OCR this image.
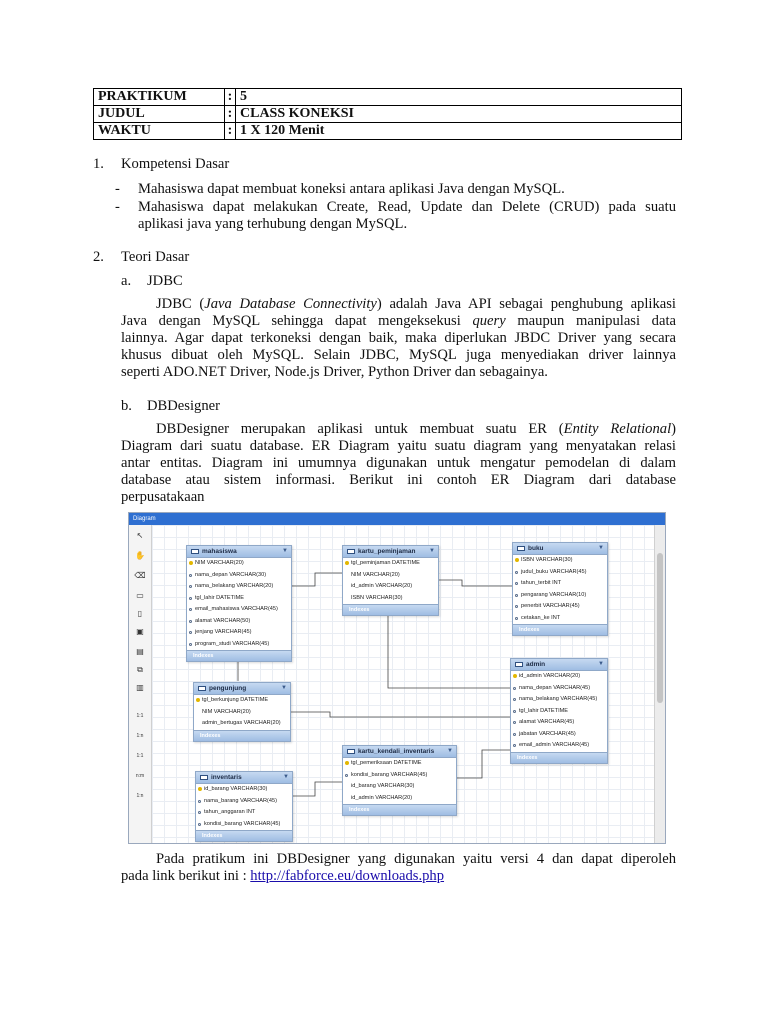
PRAKTIKUM	:	5
JUDUL	:	CLASS KONEKSI
WAKTU	:	1 X 120 Menit
1. Kompetensi Dasar
- Mahasiswa dapat membuat koneksi antara aplikasi Java dengan MySQL.
- Mahasiswa dapat melakukan Create, Read, Update dan Delete (CRUD) pada suatu
aplikasi java yang terhubung dengan MySQL.
2. Teori Dasar
a. JDBC
JDBC (Java Database Connectivity) adalah Java API sebagai penghubung aplikasi
Java dengan MySQL sehingga dapat mengeksekusi query maupun manipulasi data
lainnya. Agar dapat terkoneksi dengan baik, maka diperlukan JBDC Driver yang secara
khusus dibuat oleh MySQL. Selain JDBC, MySQL juga menyediakan driver lainnya
seperti ADO.NET Driver, Node.js Driver, Python Driver dan sebagainya.
b. DBDesigner
DBDesigner merupakan aplikasi untuk membuat suatu ER (Entity Relational)
Diagram dari suatu database. ER Diagram yaitu suatu diagram yang menyatakan relasi
antar entitas. Diagram ini umumnya digunakan untuk mengatur pemodelan di dalam
database atau sistem informasi. Berikut ini contoh ER Diagram dari database
perpusatakaan
Diagram
↖
✋
⌫
▭
▯
▣
▤
⧉
▥
1:1
1:n
1:1
n:m
1:n
mahasiswa	▼
NIM VARCHAR(20)
nama_depan VARCHAR(30)
nama_belakang VARCHAR(20)
tgl_lahir DATETIME
email_mahasiswa VARCHAR(45)
alamat VARCHAR(50)
jenjang VARCHAR(45)
program_studi VARCHAR(45)
Indexes
kartu_peminjaman ▼
tgl_peminjaman DATETIME
NIM VARCHAR(20)
id_admin VARCHAR(20)
ISBN VARCHAR(30)
Indexes
buku	▼
ISBN VARCHAR(30)
judul_buku VARCHAR(45)
tahun_terbit INT
pengarang VARCHAR(10)
penerbit VARCHAR(45)
cetakan_ke INT
Indexes
admin	▼
id_admin VARCHAR(20)
nama_depan VARCHAR(45)
nama_belakang VARCHAR(45)
tgl_lahir DATETIME
alamat VARCHAR(45)
jabatan VARCHAR(45)
email_admin VARCHAR(45)
Indexes
pengunjung	▼
tgl_berkunjung DATETIME
NIM VARCHAR(20)
admin_bertugas VARCHAR(20)
Indexes
kartu_kendali_inventaris ▼
tgl_pemeriksaan DATETIME
kondisi_barang VARCHAR(45)
id_barang VARCHAR(30)
id_admin VARCHAR(20)
Indexes
inventaris	▼
id_barang VARCHAR(30)
nama_barang VARCHAR(45)
tahun_anggaran INT
kondisi_barang VARCHAR(45)
Indexes
Pada pratikum ini DBDesigner yang digunakan yaitu versi 4 dan dapat diperoleh
pada link berikut ini : http://fabforce.eu/downloads.php
